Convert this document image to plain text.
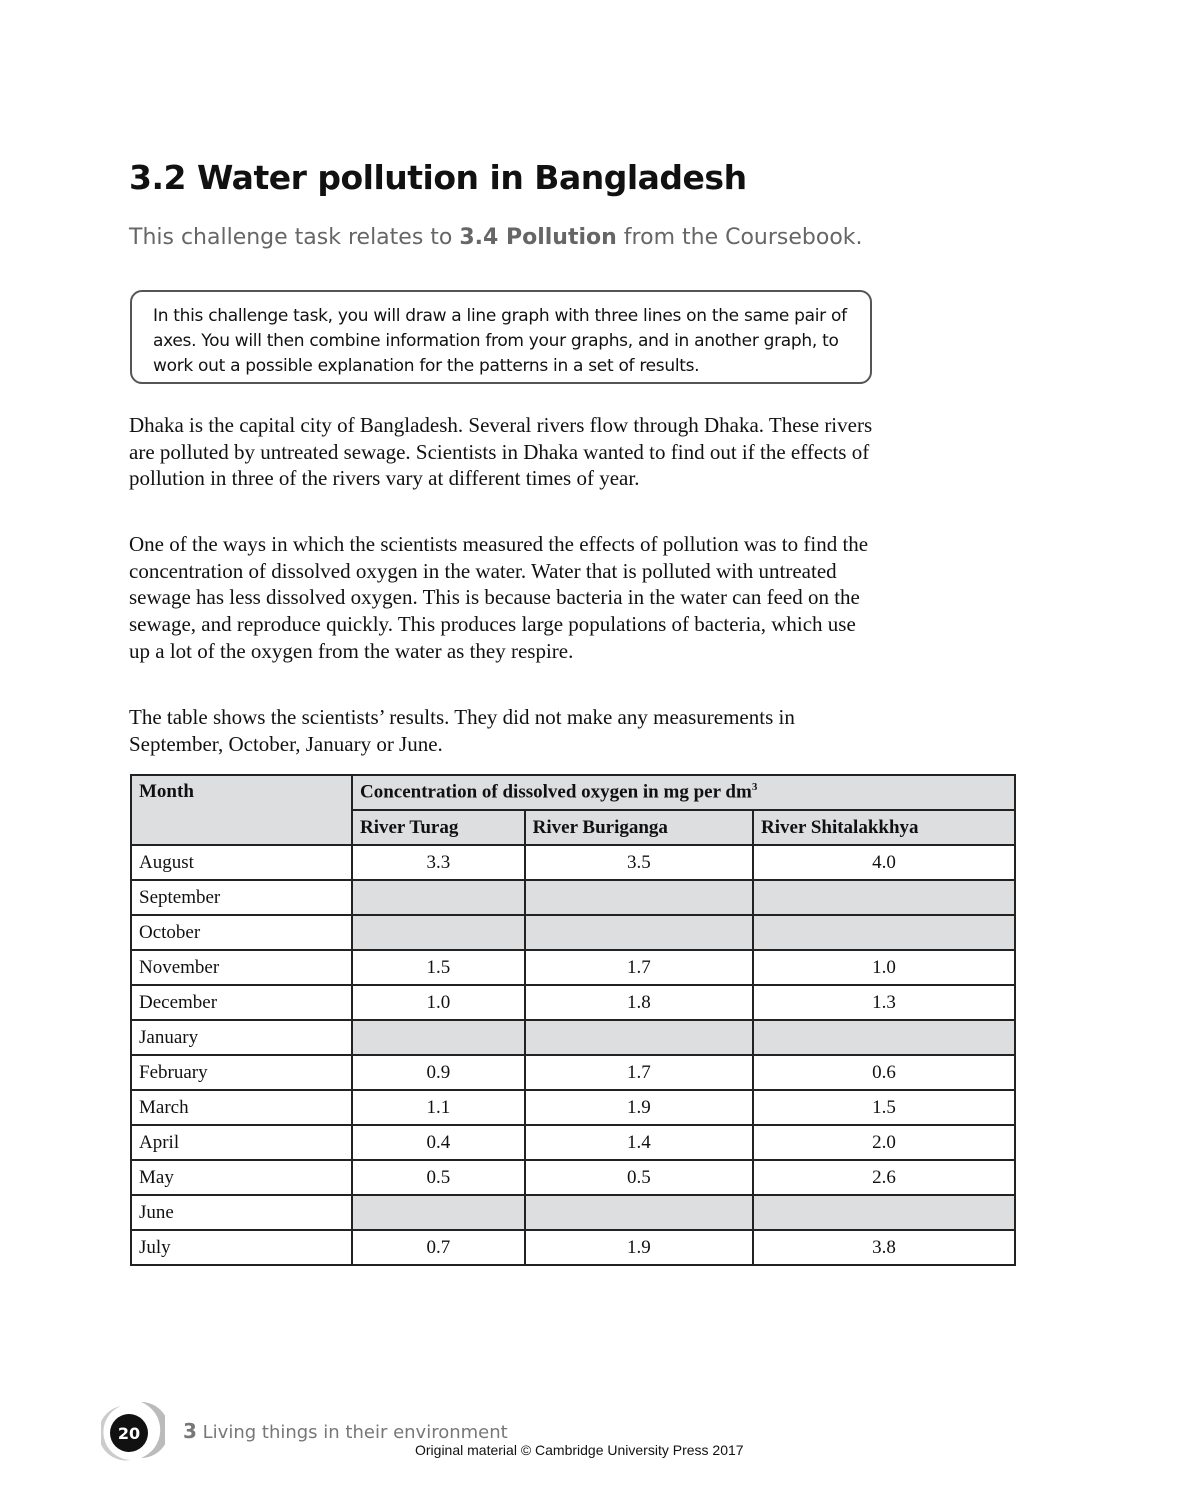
3.2 Water pollution in Bangladesh
This challenge task relates to 3.4 Pollution from the Coursebook.
In this challenge task, you will draw a line graph with three lines on the same pair of axes. You will then combine information from your graphs, and in another graph, to work out a possible explanation for the patterns in a set of results.
Dhaka is the capital city of Bangladesh. Several rivers flow through Dhaka. These rivers are polluted by untreated sewage. Scientists in Dhaka wanted to find out if the effects of pollution in three of the rivers vary at different times of year.
One of the ways in which the scientists measured the effects of pollution was to find the concentration of dissolved oxygen in the water. Water that is polluted with untreated sewage has less dissolved oxygen. This is because bacteria in the water can feed on the sewage, and reproduce quickly. This produces large populations of bacteria, which use up a lot of the oxygen from the water as they respire.
The table shows the scientists’ results. They did not make any measurements in September, October, January or June.
Month	Concentration of dissolved oxygen in mg per $dm^3$
	River Turag	River Buriganga	River Shitalakkhya
August	3.3	3.5	4.0
September			
October			
November	1.5	1.7	1.0
December	1.0	1.8	1.3
January			
February	0.9	1.7	0.6
March	1.1	1.9	1.5
April	0.4	1.4	2.0
May	0.5	0.5	2.6
June			
July	0.7	1.9	3.8
20 3 Living things in their environment
Original material © Cambridge University Press 2017
